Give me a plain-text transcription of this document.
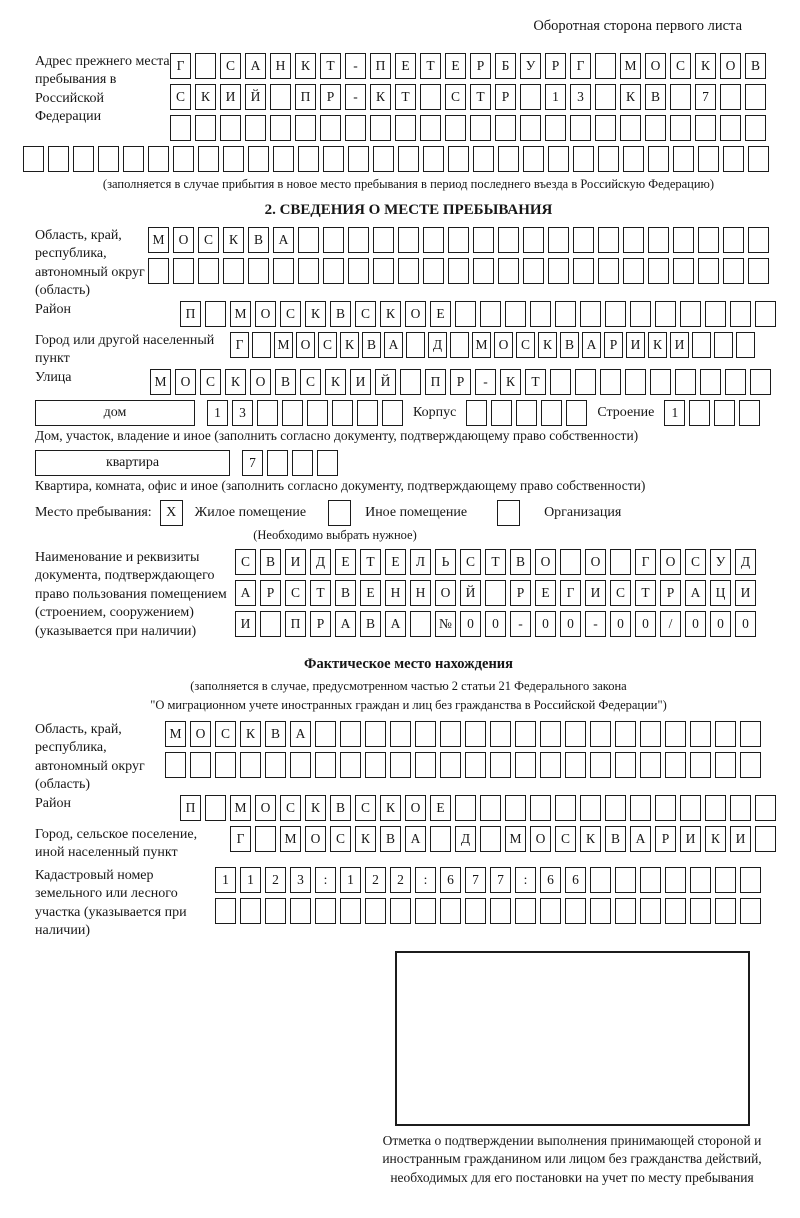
Оборотная сторона первого листа
Адрес прежнего места пребывания в Российской Федерации
Г	С	А	Н	К	Т	-	П	Е	Т	Е	Р	Б	У	Р	Г	М	О	С	К	О	В
С	К	И	Й	П	Р	-	К	Т	С	Т	Р	1	3	К	В	7
(заполняется в случае прибытия в новое место пребывания в период последнего въезда в Российскую Федерацию)
2. СВЕДЕНИЯ О МЕСТЕ ПРЕБЫВАНИЯ
Область, край, республика, автономный округ (область)
М	О	С	К	В	А
Район	П	М	О	С	К	В	С	К	О	Е
Город или другой населенный пункт
Г	М О С К В А	Д	М О С К В А Р И К И
Улица	М	О	С	К	О	В	С	К	И	Й	П	Р	-	К	Т
дом	1	3	Корпус	Строение	1
Дом, участок, владение и иное (заполнить согласно документу, подтверждающему право собственности)
квартира	7
Квартира, комната, офис и иное (заполнить согласно документу, подтверждающему право собственности)
Место пребывания:	X	Жилое помещение	Иное помещение	Организация
(Необходимо выбрать нужное)
Наименование и реквизиты документа, подтверждающего право пользования помещением (строением, сооружением) (указывается при наличии)
С	В	И	Д	Е	Т	Е	Л	Ь	С	Т	В	О	О	Г	О	С	У	Д
А	Р	С	Т	В	Е	Н	Н	О	Й	Р	Е	Г	И	С	Т	Р	А	Ц	И
И	П	Р	А	В	А	№	0	0	-	0	0	-	0	0	/	0	0	0
Фактическое место нахождения
(заполняется в случае, предусмотренном частью 2 статьи 21 Федерального закона
"О миграционном учете иностранных граждан и лиц без гражданства в Российской Федерации")
Область, край, республика, автономный округ (область)
М	О	С	К	В	А
Район	П	М	О	С	К	В	С	К	О	Е
Город, сельское поселение, иной населенный пункт
Г	М	О	С	К	В	А	Д	М	О	С	К	В	А	Р	И	К	И
Кадастровый номер земельного или лесного участка (указывается при наличии)
1	1	2	3	:	1	2	2	:	6	7	7	:	6	6
Отметка о подтверждении выполнения принимающей стороной и иностранным гражданином или лицом без гражданства действий, необходимых для его постановки на учет по месту пребывания
